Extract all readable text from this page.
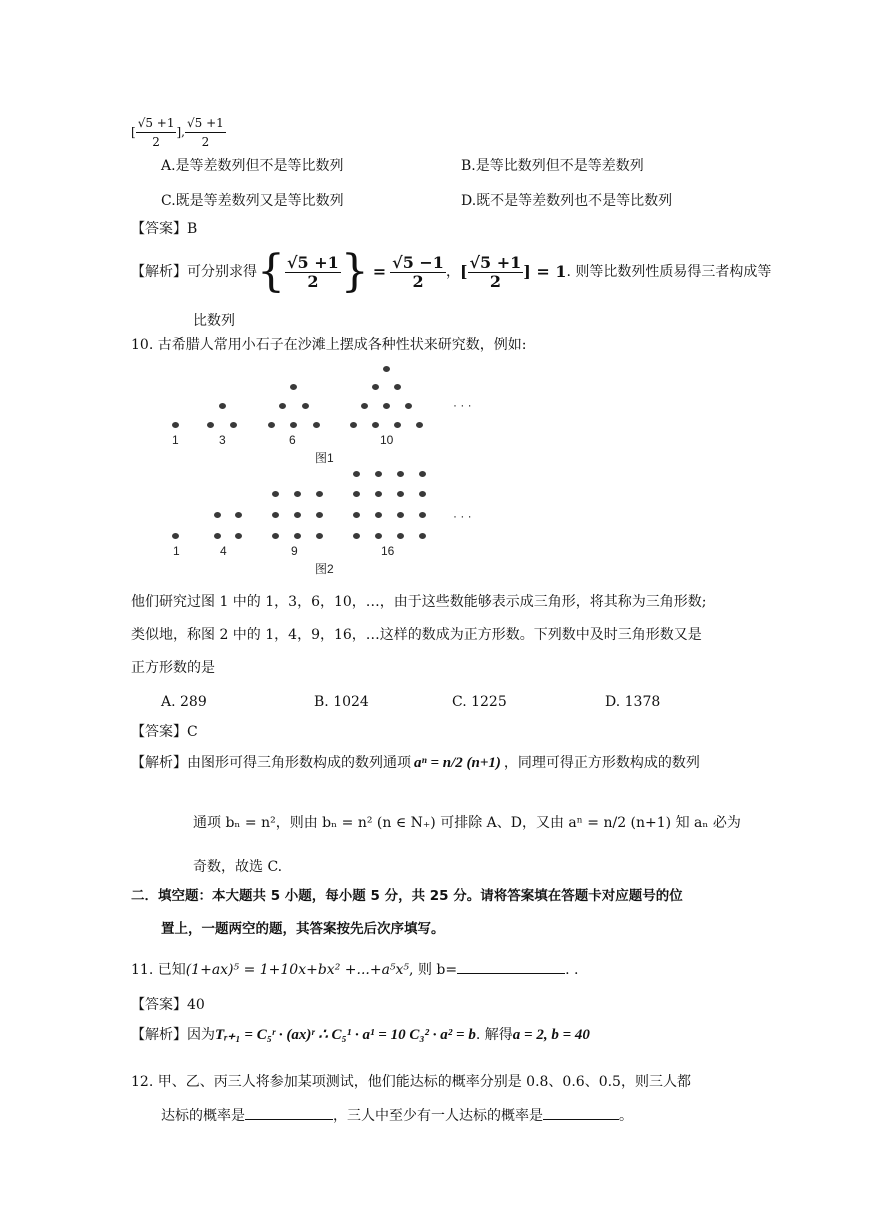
[ $\frac{√5 +1}{2}$ ], $\frac{√5 +1}{2}$
A.是等差数列但不是等比数列	B.是等比数列但不是等差数列
C.既是等差数列又是等比数列	D.既不是等差数列也不是等比数列
【答案】B
【解析】可分别求得 { $\frac{√5 +1}{2}$ } = $\frac{√5 -1}{2}$ ， [ $\frac{√5 +1}{2}$ ] = 1 . 则等比数列性质易得三者构成等
比数列
10. 古希腊人常用小石子在沙滩上摆成各种性状来研究数，例如:
· · ·
1	3	6	10
图1
· · ·
1	4	9	16
图2
他们研究过图 1 中的 1，3，6，10，…，由于这些数能够表示成三角形，将其称为三角形数;
类似地，称图 2 中的 1，4，9，16，…这样的数成为正方形数。下列数中及时三角形数又是
正方形数的是
A. 289	B. 1024	C. 1225	D. 1378
【答案】C
【解析】由图形可得三角形数构成的数列通项 aⁿ = n/2 (n+1) ，同理可得正方形数构成的数列
通项 bₙ = n²，则由 bₙ = n² (n ∈ N₊) 可排除 A、D，又由 aⁿ = n/2 (n+1) 知 aₙ 必为
奇数，故选 C.
二．填空题：本大题共 5 小题，每小题 5 分，共 25 分。请将答案填在答题卡对应题号的位
置上，一题两空的题，其答案按先后次序填写。
11. 已知(1+ax)⁵ = 1+10x+bx² +...+a⁵x⁵, 则 b=	. .
【答案】40
【解析】因为Tᵣ₊₁ = C₅ʳ · (ax)ʳ ∴ C₅¹ · a¹ = 10 C₃² · a² = b. 解得a = 2, b = 40
12. 甲、乙、丙三人将参加某项测试，他们能达标的概率分别是 0.8、0.6、0.5，则三人都
达标的概率是	，三人中至少有一人达标的概率是	。
